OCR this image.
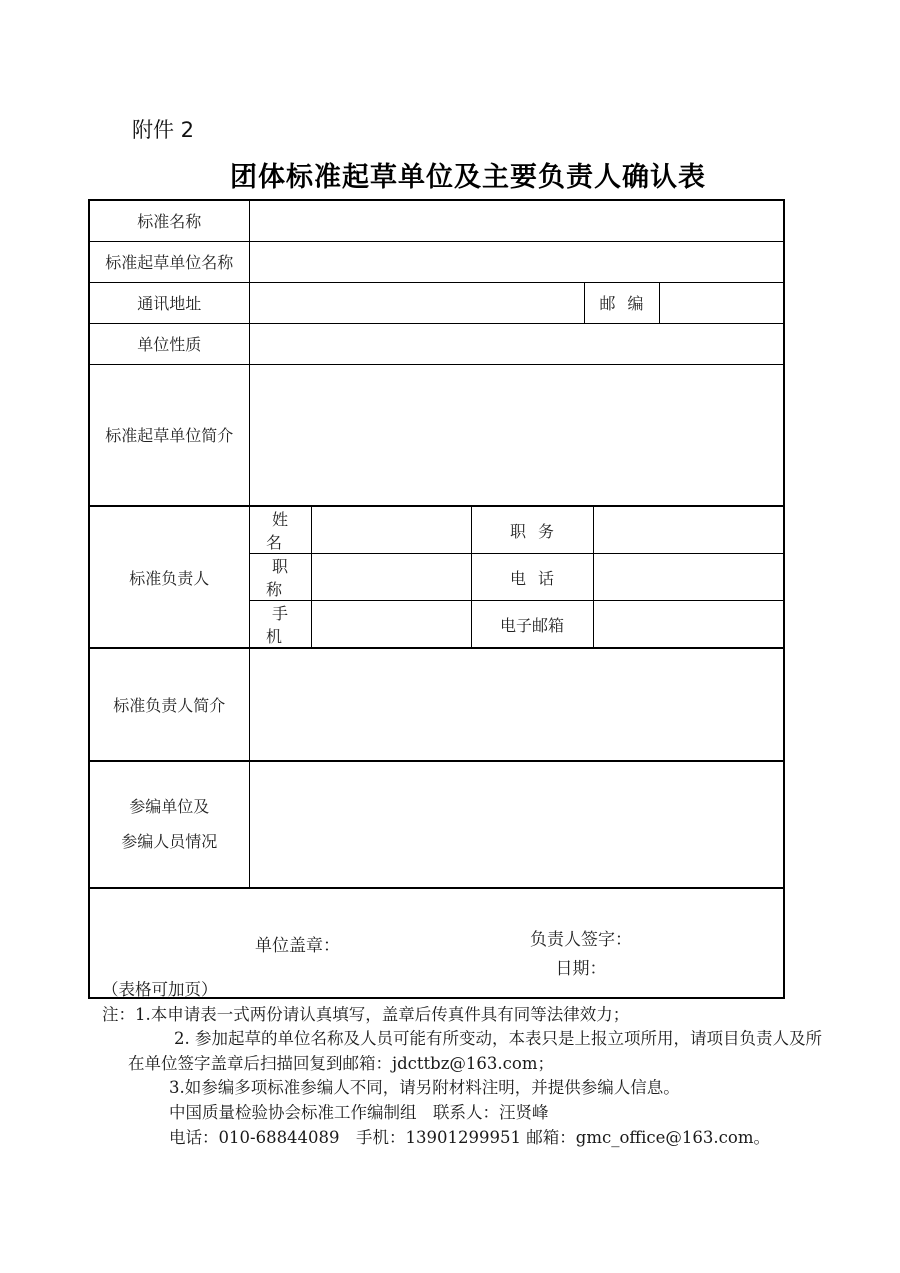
附件 2
团体标准起草单位及主要负责人确认表
标准名称						
标准起草单位名称						
通讯地址				邮编		
单位性质						
标准起草单位简介						
标准负责人	姓名		职务			
	职称		电话			
	手机		电子邮箱			
标准负责人简介						

参编单位及
参编人员情况						

单位盖章： 负责人签字：
日期：						
（表格可加页）
注：1.本申请表一式两份请认真填写，盖章后传真件具有同等法律效力；
2. 参加起草的单位名称及人员可能有所变动，本表只是上报立项所用，请项目负责人及所
在单位签字盖章后扫描回复到邮箱：jdcttbz@163.com；
3.如参编多项标准参编人不同，请另附材料注明，并提供参编人信息。
中国质量检验协会标准工作编制组　联系人：汪贤峰
电话：010-68844089　手机：13901299951 邮箱：gmc_office@163.com。
